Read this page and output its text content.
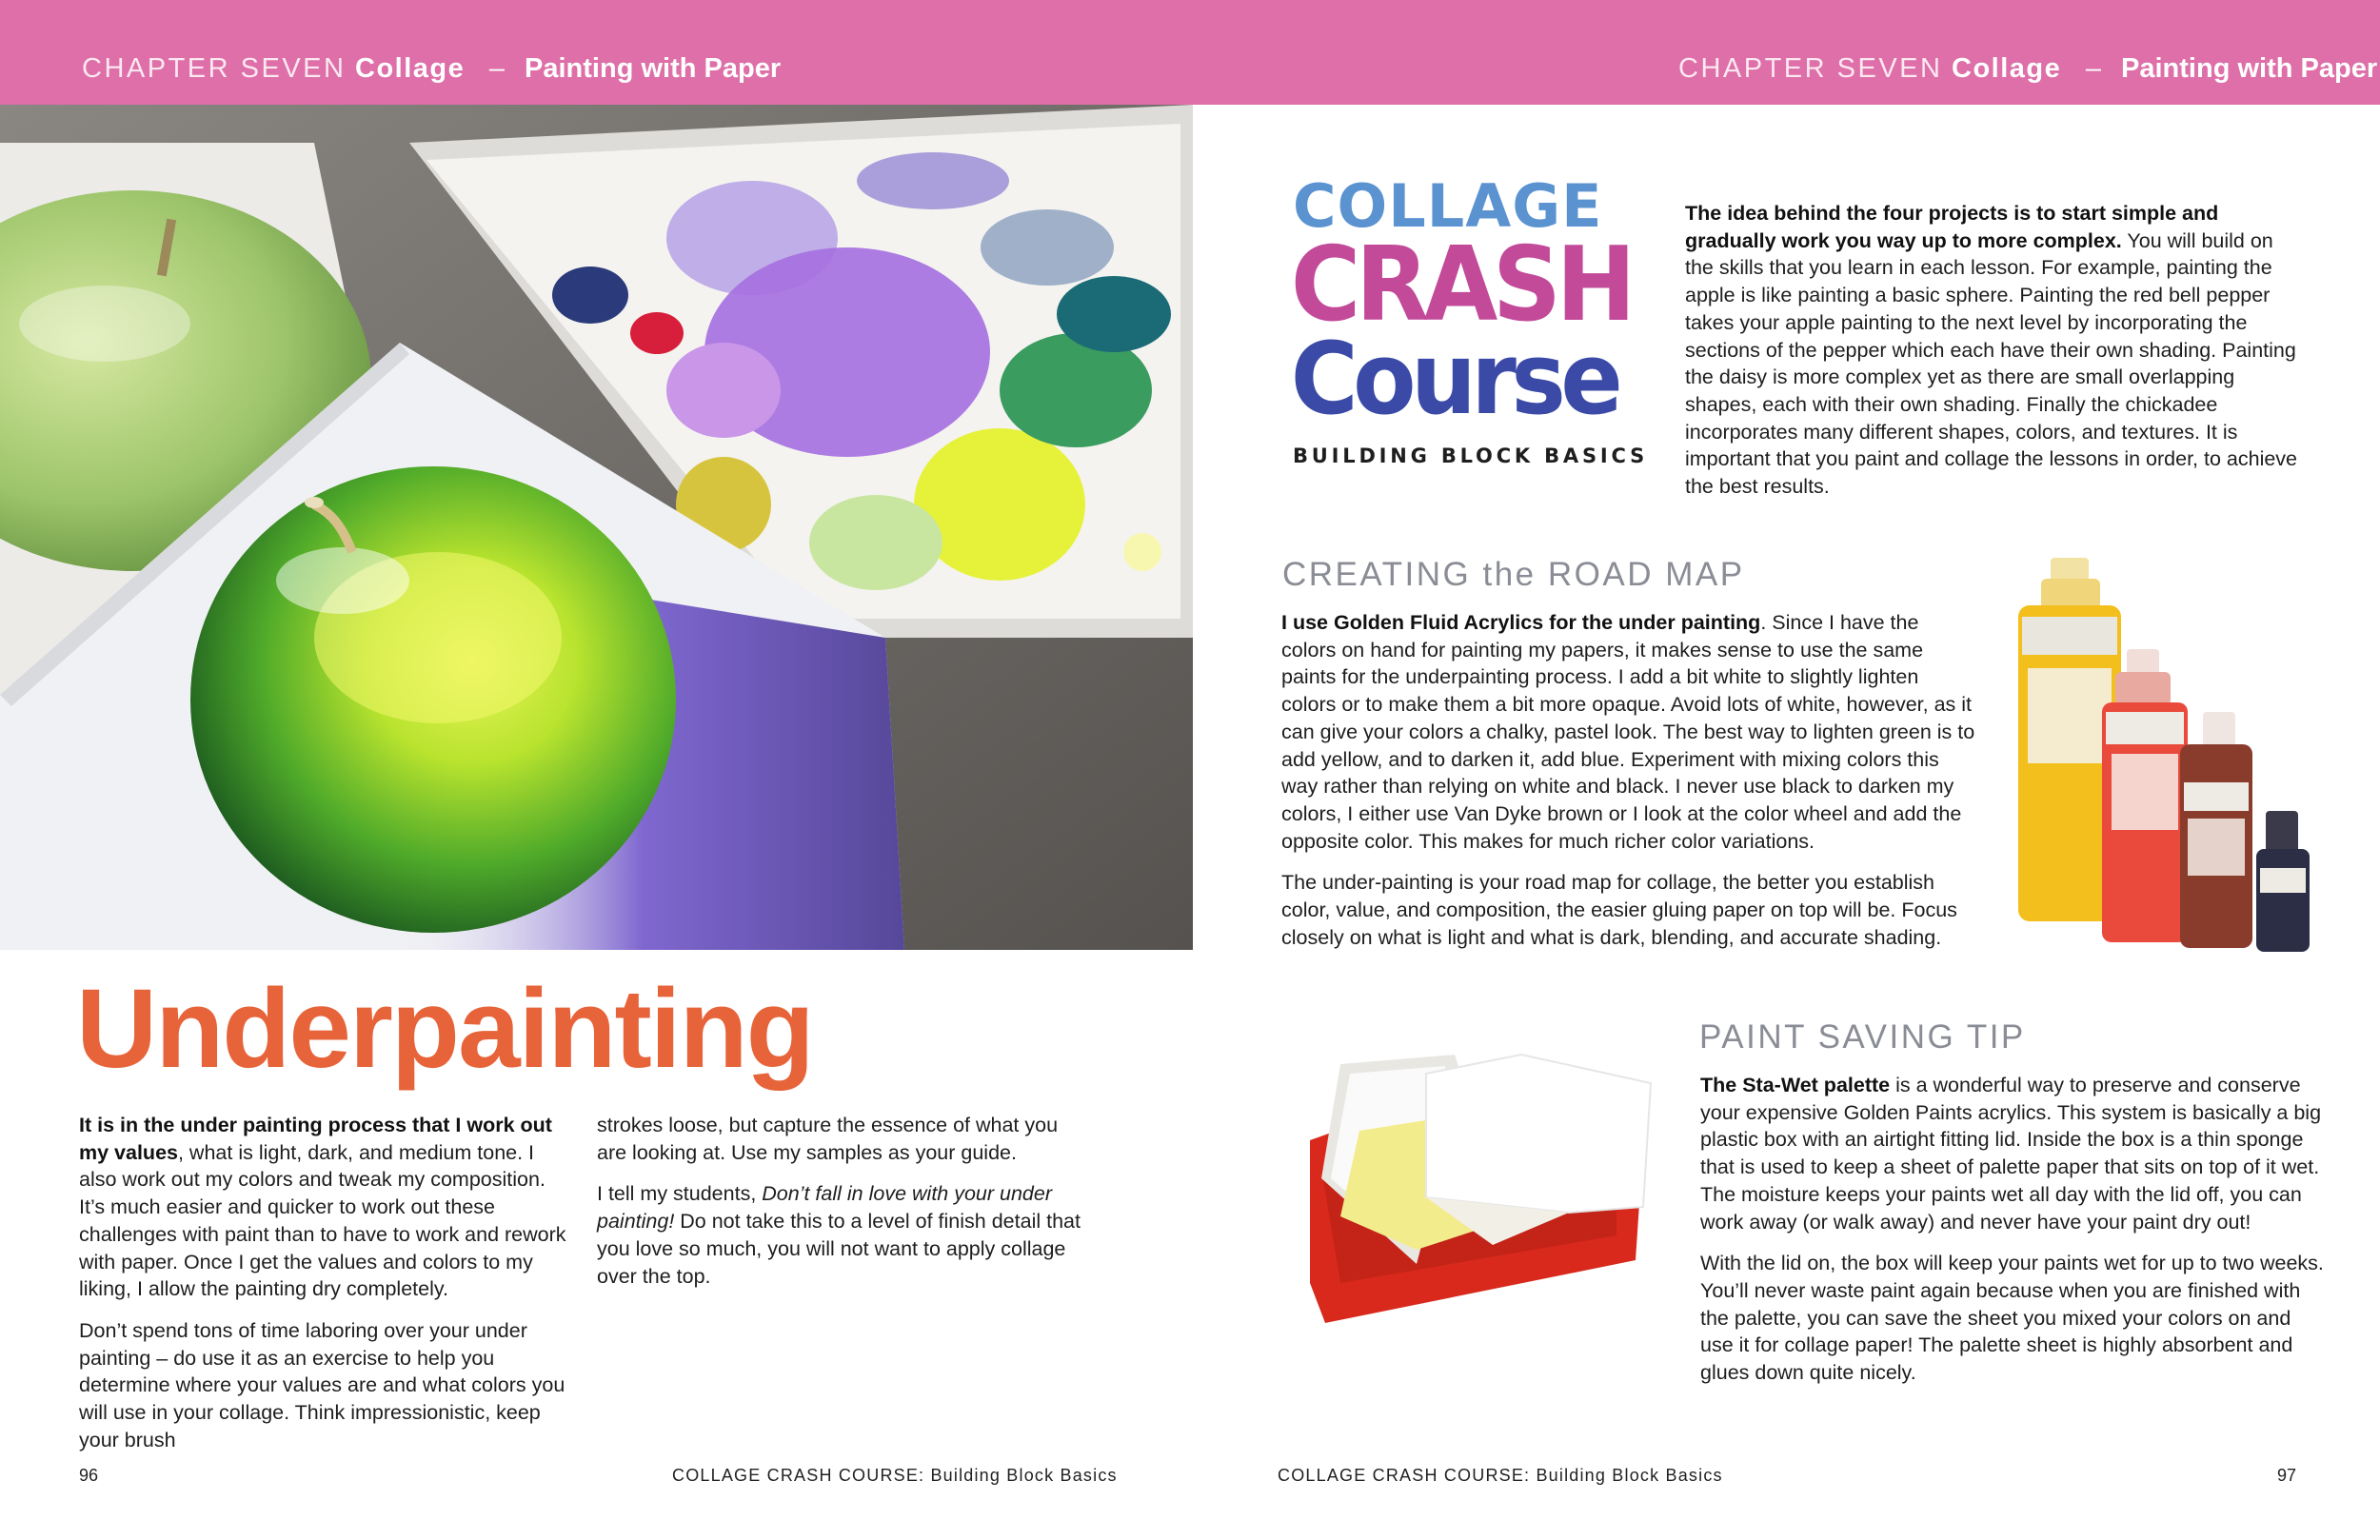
CHAPTER SEVEN Collage – Painting with Paper	CHAPTER SEVEN Collage – Painting with Paper
Underpainting

It is in the under painting process that I work out my values, what is light, dark, and medium tone. I also work out my colors and tweak my composition. It’s much easier and quicker to work out these challenges with paint than to have to work and rework with paper. Once I get the values and colors to my liking, I allow the painting dry completely.

Don’t spend tons of time laboring over your under painting – do use it as an exercise to help you determine where your values are and what colors you will use in your collage. Think impressionistic, keep your brush

strokes loose, but capture the essence of what you are looking at. Use my samples as your guide.

I tell my students, Don’t fall in love with your under painting! Do not take this to a level of finish detail that you love so much, you will not want to apply collage over the top.

COLLAGE
CRASH
Course
BUILDING BLOCK BASICS

The idea behind the four projects is to start simple and gradually work you way up to more complex. You will build on the skills that you learn in each lesson. For example, painting the apple is like painting a basic sphere. Painting the red bell pepper takes your apple painting to the next level by incorporating the sections of the pepper which each have their own shading. Painting the daisy is more complex yet as there are small overlapping shapes, each with their own shading. Finally the chickadee incorporates many different shapes, colors, and textures. It is important that you paint and collage the lessons in order, to achieve the best results.

CREATING the ROAD MAP

I use Golden Fluid Acrylics for the under painting. Since I have the colors on hand for painting my papers, it makes sense to use the same paints for the underpainting process. I add a bit white to slightly lighten colors or to make them a bit more opaque. Avoid lots of white, however, as it can give your colors a chalky, pastel look. The best way to lighten green is to add yellow, and to darken it, add blue. Experiment with mixing colors this way rather than relying on white and black. I never use black to darken my colors, I either use Van Dyke brown or I look at the color wheel and add the opposite color. This makes for much richer color variations.

The under-painting is your road map for collage, the better you establish color, value, and composition, the easier gluing paper on top will be. Focus closely on what is light and what is dark, blending, and accurate shading.

PAINT SAVING TIP

The Sta-Wet palette is a wonderful way to preserve and conserve your expensive Golden Paints acrylics. This system is basically a big plastic box with an airtight fitting lid. Inside the box is a thin sponge that is used to keep a sheet of palette paper that sits on top of it wet. The moisture keeps your paints wet all day with the lid off, you can work away (or walk away) and never have your paint dry out!

With the lid on, the box will keep your paints wet for up to two weeks. You’ll never waste paint again because when you are finished with the palette, you can save the sheet you mixed your colors on and use it for collage paper! The palette sheet is highly absorbent and glues down quite nicely.

96	COLLAGE CRASH COURSE: Building Block Basics	COLLAGE CRASH COURSE: Building Block Basics	97
